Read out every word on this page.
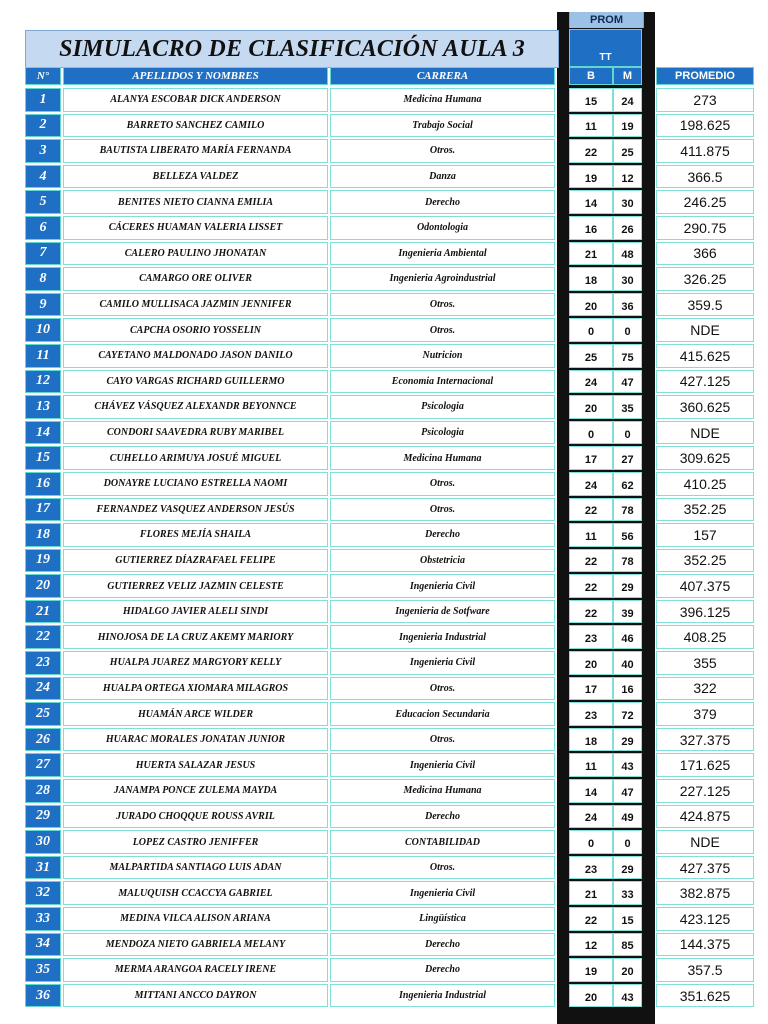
SIMULACRO DE CLASIFICACIÓN AULA 3
PROM
TT
N°	APELLIDOS Y NOMBRES	CARRERA	B	M	PROMEDIO
1	ALANYA ESCOBAR DICK ANDERSON	Medicina Humana	15	24	273
2	BARRETO SANCHEZ CAMILO	Trabajo Social	11	19	198.625
3	BAUTISTA LIBERATO MARÍA FERNANDA	Otros.	22	25	411.875
4	BELLEZA VALDEZ	Danza	19	12	366.5
5	BENITES NIETO CIANNA EMILIA	Derecho	14	30	246.25
6	CÁCERES HUAMAN VALERIA LISSET	Odontologia	16	26	290.75
7	CALERO PAULINO JHONATAN	Ingenieria Ambiental	21	48	366
8	CAMARGO ORE OLIVER	Ingenieria Agroindustrial	18	30	326.25
9	CAMILO MULLISACA JAZMIN JENNIFER	Otros.	20	36	359.5
10	CAPCHA OSORIO YOSSELIN	Otros.	0	0	NDE
11	CAYETANO MALDONADO JASON DANILO	Nutricion	25	75	415.625
12	CAYO VARGAS RICHARD GUILLERMO	Economia Internacional	24	47	427.125
13	CHÁVEZ VÁSQUEZ ALEXANDR BEYONNCE	Psicologia	20	35	360.625
14	CONDORI SAAVEDRA RUBY MARIBEL	Psicologia	0	0	NDE
15	CUHELLO ARIMUYA JOSUÉ MIGUEL	Medicina Humana	17	27	309.625
16	DONAYRE LUCIANO ESTRELLA NAOMI	Otros.	24	62	410.25
17	FERNANDEZ VASQUEZ ANDERSON JESÚS	Otros.	22	78	352.25
18	FLORES MEJÍA SHAILA	Derecho	11	56	157
19	GUTIERREZ DÍAZRAFAEL FELIPE	Obstetricia	22	78	352.25
20	GUTIERREZ VELIZ JAZMIN CELESTE	Ingenieria Civil	22	29	407.375
21	HIDALGO JAVIER ALELI SINDI	Ingenieria de Sotfware	22	39	396.125
22	HINOJOSA DE LA CRUZ AKEMY MARIORY	Ingenieria Industrial	23	46	408.25
23	HUALPA JUAREZ MARGYORY KELLY	Ingenieria Civil	20	40	355
24	HUALPA ORTEGA XIOMARA MILAGROS	Otros.	17	16	322
25	HUAMÁN ARCE WILDER	Educacion Secundaria	23	72	379
26	HUARAC MORALES JONATAN JUNIOR	Otros.	18	29	327.375
27	HUERTA SALAZAR JESUS	Ingenieria Civil	11	43	171.625
28	JANAMPA PONCE ZULEMA MAYDA	Medicina Humana	14	47	227.125
29	JURADO CHOQQUE ROUSS AVRIL	Derecho	24	49	424.875
30	LOPEZ CASTRO JENIFFER	CONTABILIDAD	0	0	NDE
31	MALPARTIDA SANTIAGO LUIS ADAN	Otros.	23	29	427.375
32	MALUQUISH CCACCYA GABRIEL	Ingenieria Civil	21	33	382.875
33	MEDINA VILCA ALISON ARIANA	Lingüística	22	15	423.125
34	MENDOZA NIETO GABRIELA MELANY	Derecho	12	85	144.375
35	MERMA ARANGOA RACELY IRENE	Derecho	19	20	357.5
36	MITTANI ANCCO DAYRON	Ingenieria Industrial	20	43	351.625
